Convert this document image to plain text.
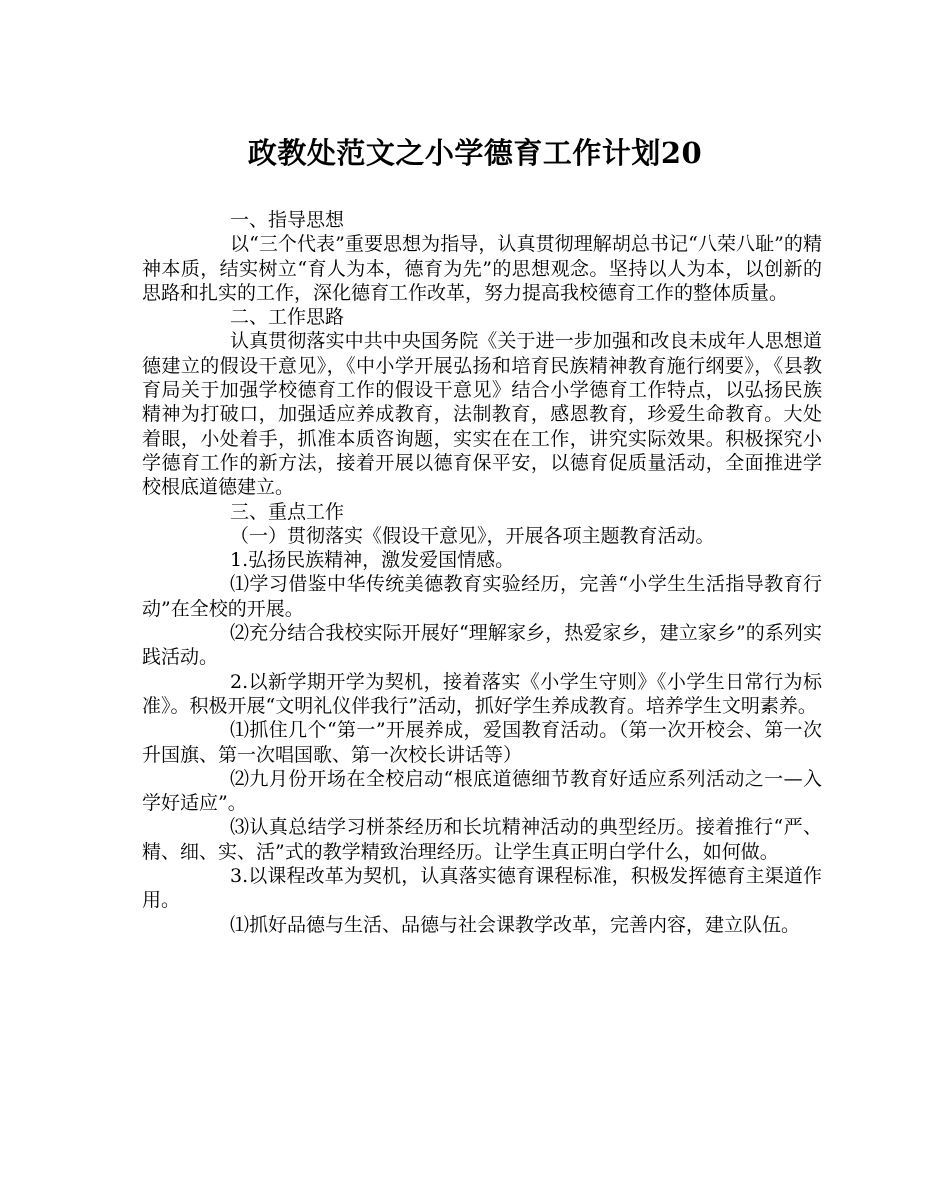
政教处范文之小学德育工作计划20

一、指导思想

以“三个代表”重要思想为指导，认真贯彻理解胡总书记“八荣八耻”的精神本质，结实树立“育人为本，德育为先”的思想观念。坚持以人为本，以创新的思路和扎实的工作，深化德育工作改革，努力提高我校德育工作的整体质量。

二、工作思路

认真贯彻落实中共中央国务院《关于进一步加强和改良未成年人思想道德建立的假设干意见》，《中小学开展弘扬和培育民族精神教育施行纲要》，《县教育局关于加强学校德育工作的假设干意见》结合小学德育工作特点，以弘扬民族精神为打破口，加强适应养成教育，法制教育，感恩教育，珍爱生命教育。大处着眼，小处着手，抓准本质咨询题，实实在在工作，讲究实际效果。积极探究小学德育工作的新方法，接着开展以德育保平安，以德育促质量活动，全面推进学校根底道德建立。

三、重点工作

（一）贯彻落实《假设干意见》，开展各项主题教育活动。

1.弘扬民族精神，激发爱国情感。

⑴学习借鉴中华传统美德教育实验经历，完善“小学生生活指导教育行动”在全校的开展。

⑵充分结合我校实际开展好“理解家乡，热爱家乡，建立家乡”的系列实践活动。

2.以新学期开学为契机，接着落实《小学生守则》《小学生日常行为标准》。积极开展“文明礼仪伴我行”活动，抓好学生养成教育。培养学生文明素养。

⑴抓住几个“第一”开展养成，爱国教育活动。（第一次开校会、第一次升国旗、第一次唱国歌、第一次校长讲话等）

⑵九月份开场在全校启动“根底道德细节教育好适应系列活动之一—入学好适应”。

⑶认真总结学习栟茶经历和长坑精神活动的典型经历。接着推行“严、精、细、实、活”式的教学精致治理经历。让学生真正明白学什么，如何做。

3.以课程改革为契机，认真落实德育课程标准，积极发挥德育主渠道作用。

⑴抓好品德与生活、品德与社会课教学改革，完善内容，建立队伍。
